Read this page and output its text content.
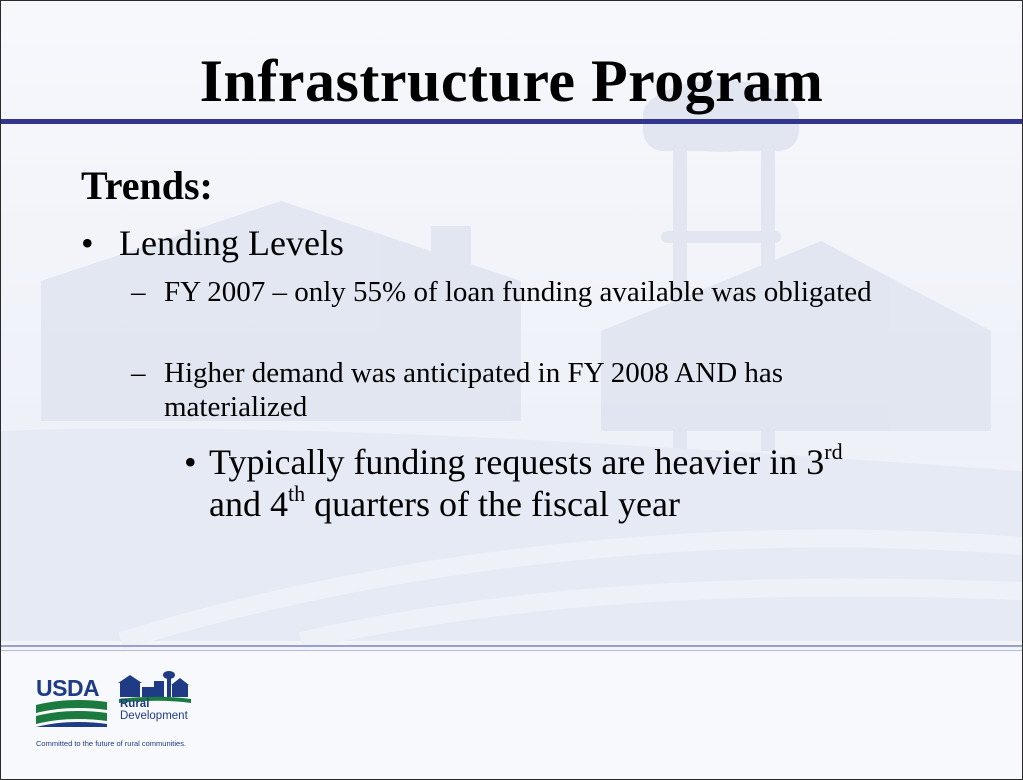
Infrastructure Program
Trends:
• Lending Levels
– FY 2007 – only 55% of loan funding available was obligated
– Higher demand was anticipated in FY 2008 AND has materialized
• Typically funding requests are heavier in 3rd
and 4th quarters of the fiscal year
USDA
Rural
Development
Committed to the future of rural communities.
